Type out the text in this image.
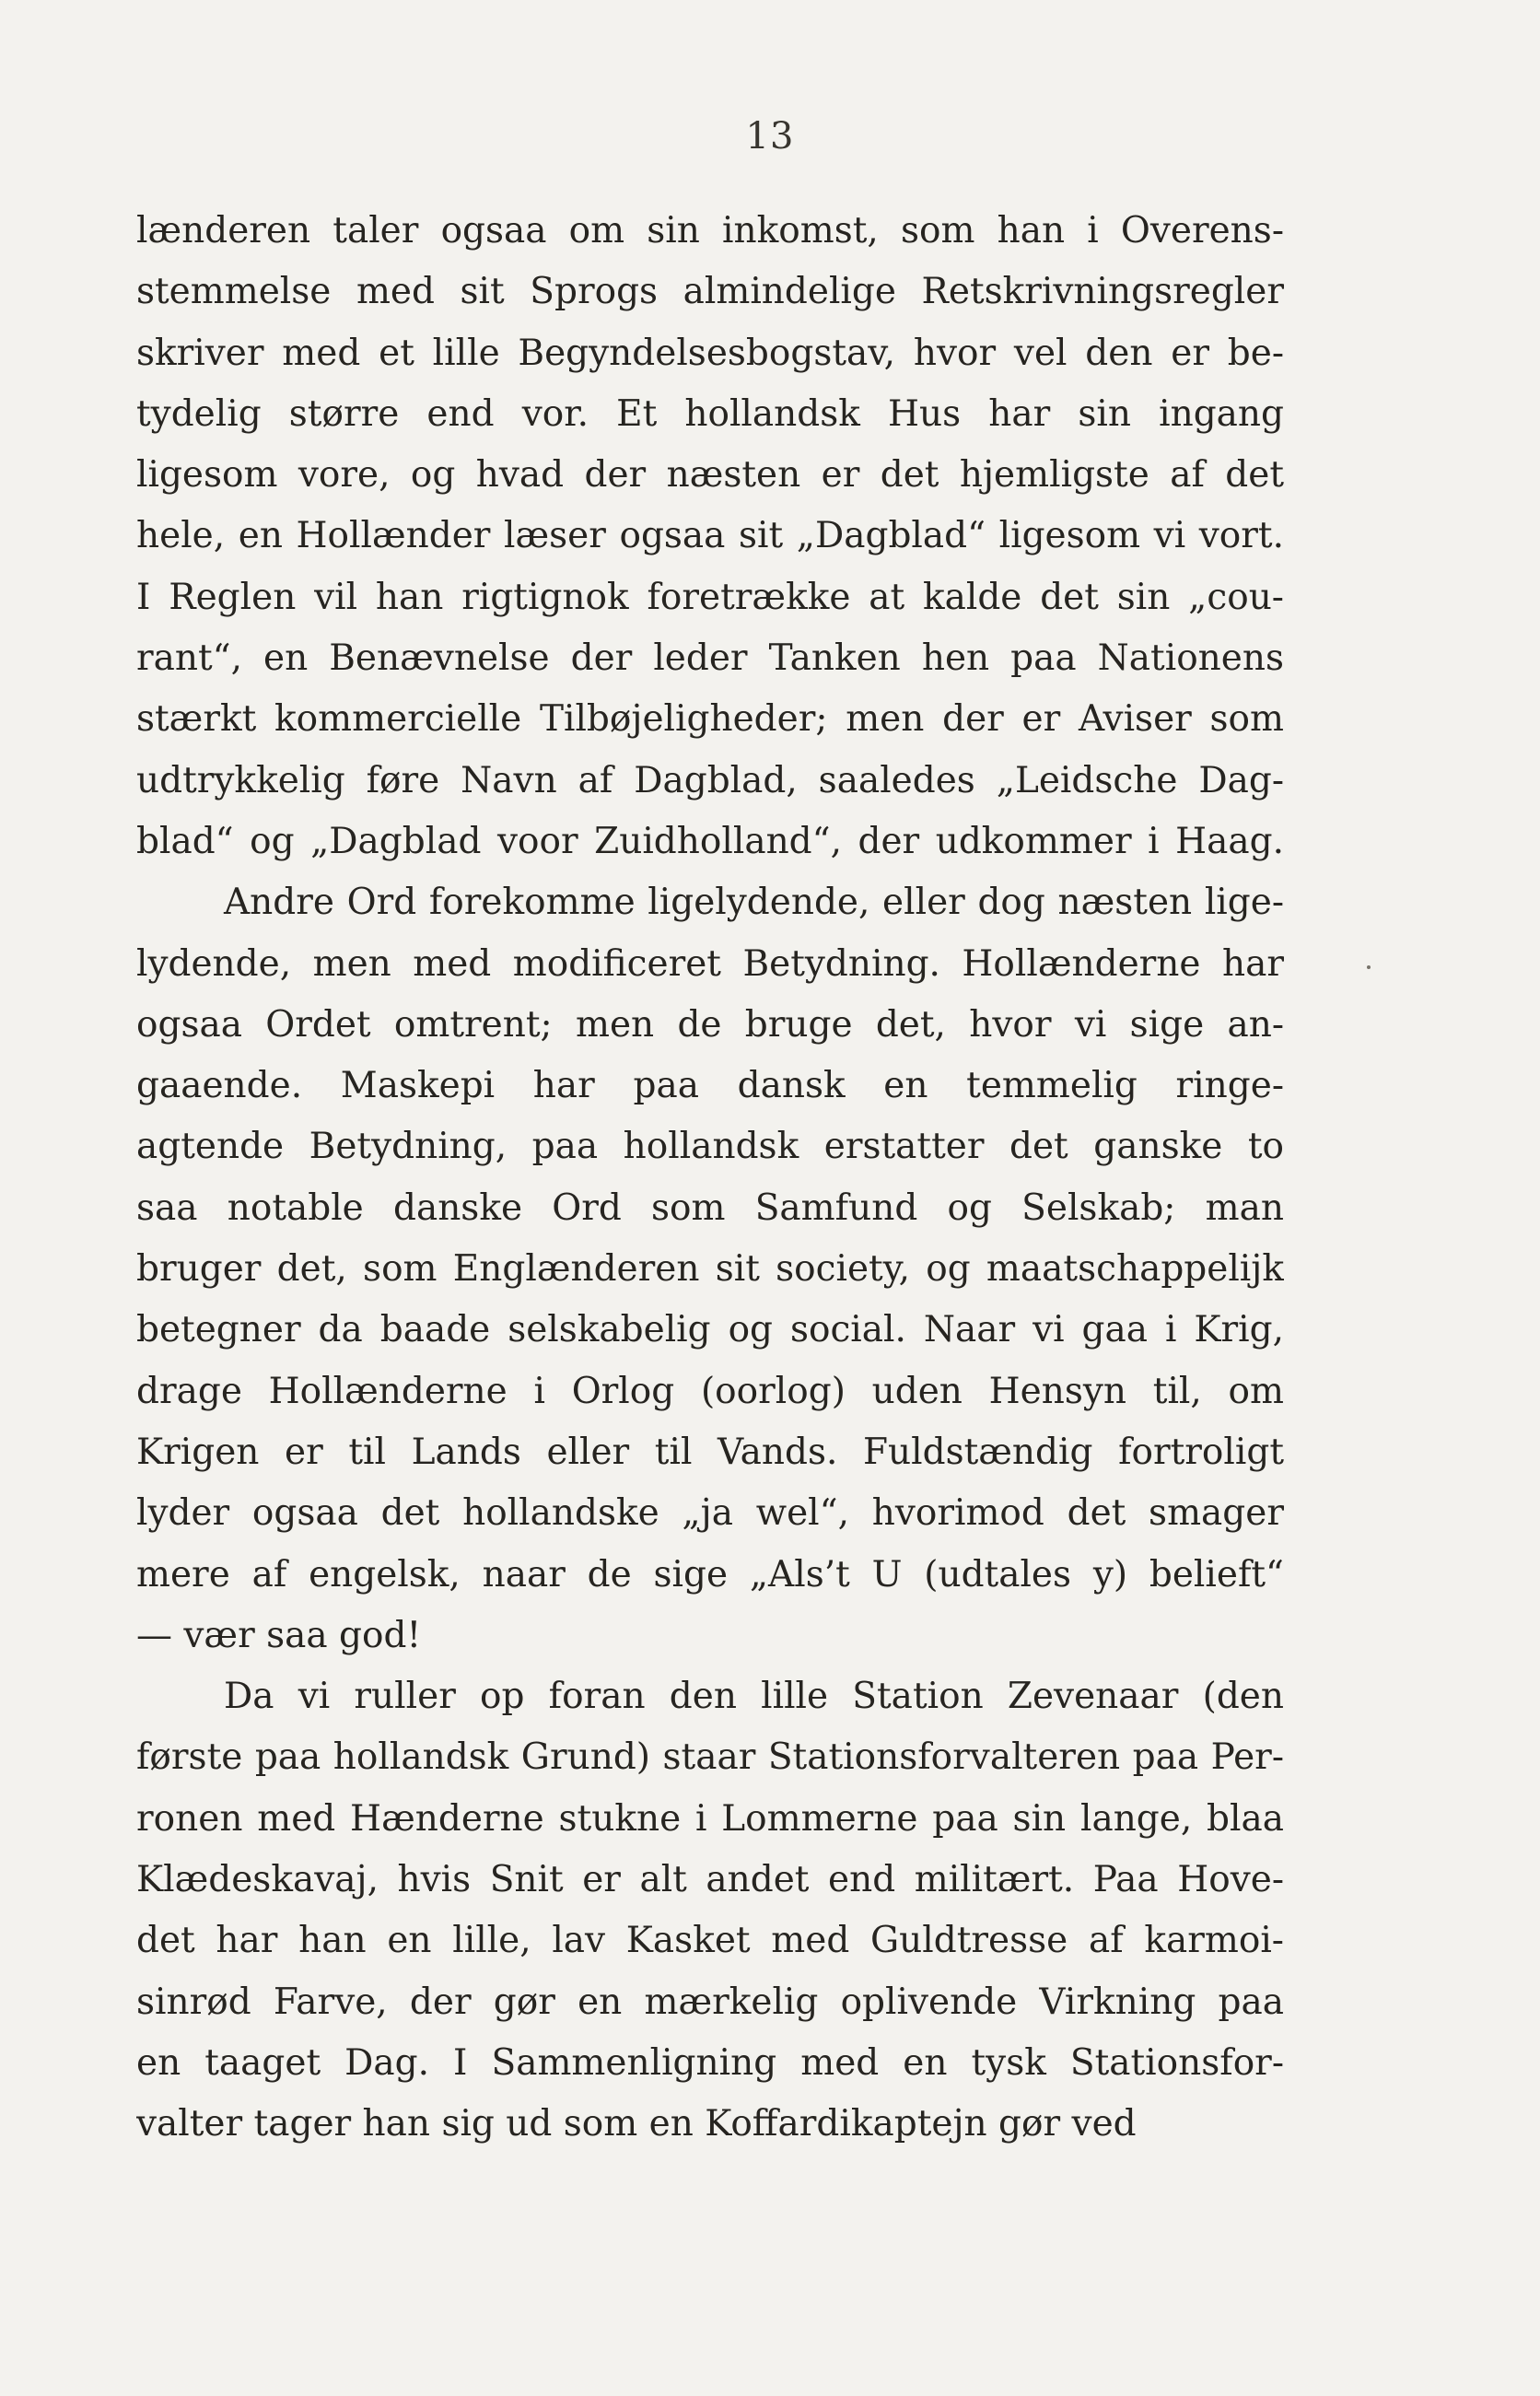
13
lænderen taler ogsaa om sin inkomst, som han i Overens-
stemmelse med sit Sprogs almindelige Retskrivningsregler
skriver med et lille Begyndelsesbogstav, hvor vel den er be-
tydelig større end vor. Et hollandsk Hus har sin ingang
ligesom vore, og hvad der næsten er det hjemligste af det
hele, en Hollænder læser ogsaa sit „Dagblad“ ligesom vi vort.
I Reglen vil han rigtignok foretrække at kalde det sin „cou-
rant“, en Benævnelse der leder Tanken hen paa Nationens
stærkt kommercielle Tilbøjeligheder; men der er Aviser som
udtrykkelig føre Navn af Dagblad, saaledes „Leidsche Dag-
blad“ og „Dagblad voor Zuidholland“, der udkommer i Haag.
Andre Ord forekomme ligelydende, eller dog næsten lige-
lydende, men med modificeret Betydning. Hollænderne har
ogsaa Ordet omtrent; men de bruge det, hvor vi sige an-
gaaende. Maskepi har paa dansk en temmelig ringe-
agtende Betydning, paa hollandsk erstatter det ganske to
saa notable danske Ord som Samfund og Selskab; man
bruger det, som Englænderen sit society, og maatschappelijk
betegner da baade selskabelig og social. Naar vi gaa i Krig,
drage Hollænderne i Orlog (oorlog) uden Hensyn til, om
Krigen er til Lands eller til Vands. Fuldstændig fortroligt
lyder ogsaa det hollandske „ja wel“, hvorimod det smager
mere af engelsk, naar de sige „Als’t U (udtales y) belieft“
— vær saa god!
Da vi ruller op foran den lille Station Zevenaar (den
første paa hollandsk Grund) staar Stationsforvalteren paa Per-
ronen med Hænderne stukne i Lommerne paa sin lange, blaa
Klædeskavaj, hvis Snit er alt andet end militært. Paa Hove-
det har han en lille, lav Kasket med Guldtresse af karmoi-
sinrød Farve, der gør en mærkelig oplivende Virkning paa
en taaget Dag. I Sammenligning med en tysk Stationsfor-
valter tager han sig ud som en Koffardikaptejn gør ved
